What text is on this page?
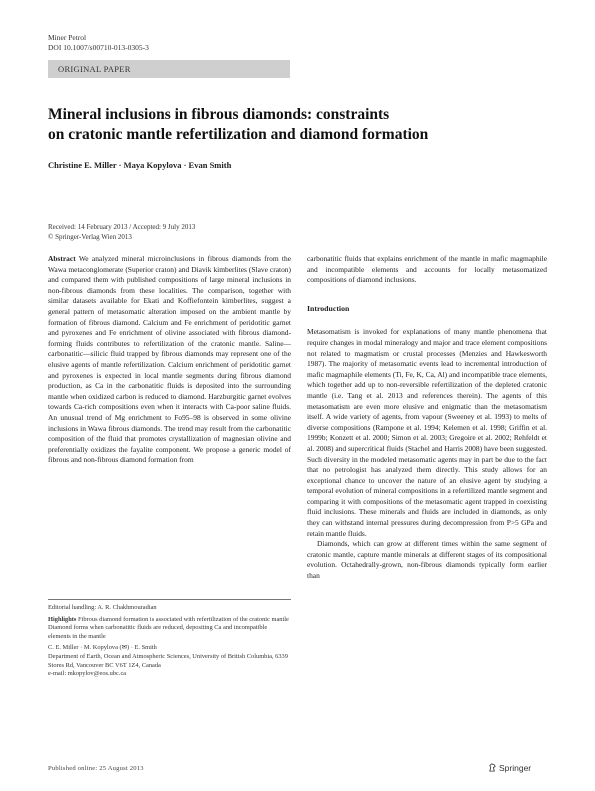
Miner Petrol
DOI 10.1007/s00710-013-0305-3
ORIGINAL PAPER
Mineral inclusions in fibrous diamonds: constraints
on cratonic mantle refertilization and diamond formation
Christine E. Miller · Maya Kopylova · Evan Smith
Received: 14 February 2013 / Accepted: 9 July 2013
© Springer-Verlag Wien 2013

Abstract We analyzed mineral microinclusions in fibrous diamonds from the Wawa metaconglomerate (Superior craton) and Diavik kimberlites (Slave craton) and compared them with published compositions of large mineral inclusions in non-fibrous diamonds from these localities. The comparison, together with similar datasets available for Ekati and Koffiefontein kimberlites, suggest a general pattern of metasomatic alteration imposed on the ambient mantle by formation of fibrous diamond. Calcium and Fe enrichment of peridotitic garnet and pyroxenes and Fe enrichment of olivine associated with fibrous diamond-forming fluids contributes to refertilization of the cratonic mantle. Saline—carbonatitic—silicic fluid trapped by fibrous diamonds may represent one of the elusive agents of mantle refertilization. Calcium enrichment of peridotitic garnet and pyroxenes is expected in local mantle segments during fibrous diamond production, as Ca in the carbonatitic fluids is deposited into the surrounding mantle when oxidized carbon is reduced to diamond. Harzburgitic garnet evolves towards Ca-rich compositions even when it interacts with Ca-poor saline fluids. An unusual trend of Mg enrichment to Fo95–98 is observed in some olivine inclusions in Wawa fibrous diamonds. The trend may result from the carbonatitic composition of the fluid that promotes crystallization of magnesian olivine and preferentially oxidizes the fayalite component. We propose a generic model of fibrous and non-fibrous diamond formation from

Editorial handling: A. R. Chakhmouradian

Highlights Fibrous diamond formation is associated with refertilization of the cratonic mantle
Diamond forms when carbonatitic fluids are reduced, depositing Ca and incompatible elements in the mantle

C. E. Miller · M. Kopylova (✉) · E. Smith
Department of Earth, Ocean and Atmospheric Sciences, University of British Columbia, 6339 Stores Rd, Vancouver BC V6T 1Z4, Canada
e-mail: mkopylov@eos.ubc.ca

carbonatitic fluids that explains enrichment of the mantle in mafic magmaphile and incompatible elements and accounts for locally metasomatized compositions of diamond inclusions.

Introduction

Metasomatism is invoked for explanations of many mantle phenomena that require changes in modal mineralogy and major and trace element compositions not related to magmatism or crustal processes (Menzies and Hawkesworth 1987). The majority of metasomatic events lead to incremental introduction of mafic magmaphile elements (Ti, Fe, K, Ca, Al) and incompatible trace elements, which together add up to non-reversible refertilization of the depleted cratonic mantle (i.e. Tang et al. 2013 and references therein). The agents of this metasomatism are even more elusive and enigmatic than the metasomatism itself. A wide variety of agents, from vapour (Sweeney et al. 1993) to melts of diverse compositions (Rampone et al. 1994; Kelemen et al. 1998; Griffin et al. 1999b; Konzett et al. 2000; Simon et al. 2003; Gregoire et al. 2002; Rehfeldt et al. 2008) and supercritical fluids (Stachel and Harris 2008) have been suggested. Such diversity in the modeled metasomatic agents may in part be due to the fact that no petrologist has analyzed them directly. This study allows for an exceptional chance to uncover the nature of an elusive agent by studying a temporal evolution of mineral compositions in a refertilized mantle segment and comparing it with compositions of the metasomatic agent trapped in coexisting fluid inclusions. These minerals and fluids are included in diamonds, as only they can withstand internal pressures during decompression from P>5 GPa and retain mantle fluids.

Diamonds, which can grow at different times within the same segment of cratonic mantle, capture mantle minerals at different stages of its compositional evolution. Octahedrally-grown, non-fibrous diamonds typically form earlier than

Published online: 25 August 2013	Springer
